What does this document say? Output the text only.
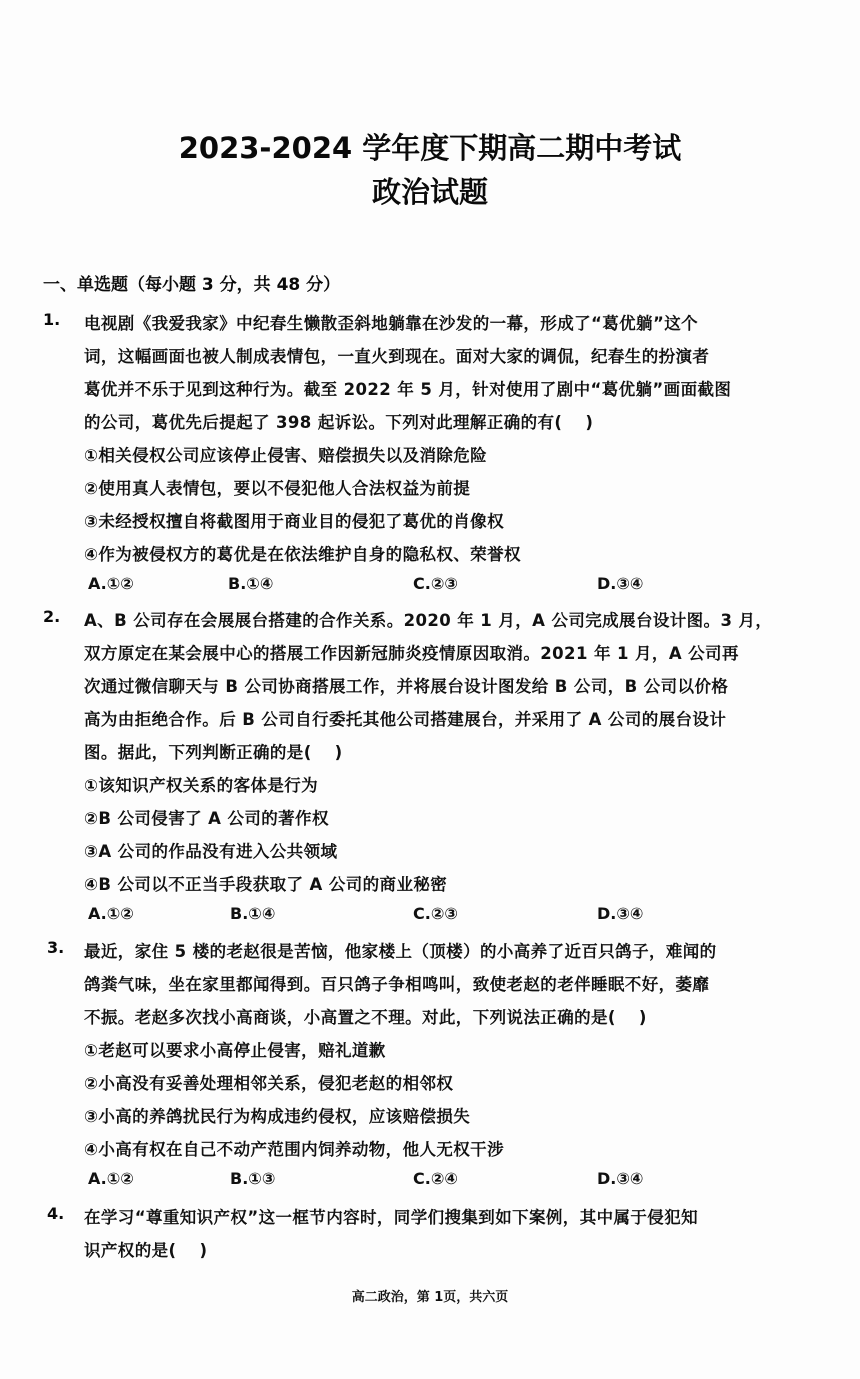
2023-2024 学年度下期高二期中考试
政治试题
一、单选题（每小题 3 分，共 48 分）
1. 电视剧《我爱我家》中纪春生懒散歪斜地躺靠在沙发的一幕，形成了“葛优躺”这个
词，这幅画面也被人制成表情包，一直火到现在。面对大家的调侃，纪春生的扮演者
葛优并不乐于见到这种行为。截至 2022 年 5 月，针对使用了剧中“葛优躺”画面截图
的公司，葛优先后提起了 398 起诉讼。下列对此理解正确的有(　 )
①相关侵权公司应该停止侵害、赔偿损失以及消除危险
②使用真人表情包，要以不侵犯他人合法权益为前提
③未经授权擅自将截图用于商业目的侵犯了葛优的肖像权
④作为被侵权方的葛优是在依法维护自身的隐私权、荣誉权
A.①②	B.①④	C.②③	D.③④
2. A、B 公司存在会展展台搭建的合作关系。2020 年 1 月，A 公司完成展台设计图。3 月，
双方原定在某会展中心的搭展工作因新冠肺炎疫情原因取消。2021 年 1 月，A 公司再
次通过微信聊天与 B 公司协商搭展工作，并将展台设计图发给 B 公司，B 公司以价格
高为由拒绝合作。后 B 公司自行委托其他公司搭建展台，并采用了 A 公司的展台设计
图。据此，下列判断正确的是(　 )
①该知识产权关系的客体是行为
②B 公司侵害了 A 公司的著作权
③A 公司的作品没有进入公共领域
④B 公司以不正当手段获取了 A 公司的商业秘密
A.①②	B.①④	C.②③	D.③④
3. 最近，家住 5 楼的老赵很是苦恼，他家楼上（顶楼）的小高养了近百只鸽子，难闻的
鸽粪气味，坐在家里都闻得到。百只鸽子争相鸣叫，致使老赵的老伴睡眠不好，萎靡
不振。老赵多次找小高商谈，小高置之不理。对此，下列说法正确的是(　 )
①老赵可以要求小高停止侵害，赔礼道歉
②小高没有妥善处理相邻关系，侵犯老赵的相邻权
③小高的养鸽扰民行为构成违约侵权，应该赔偿损失
④小高有权在自己不动产范围内饲养动物，他人无权干涉
A.①②	B.①③	C.②④	D.③④
4. 在学习“尊重知识产权”这一框节内容时，同学们搜集到如下案例，其中属于侵犯知
识产权的是(　 )
高二政治，第 1页，共六页
